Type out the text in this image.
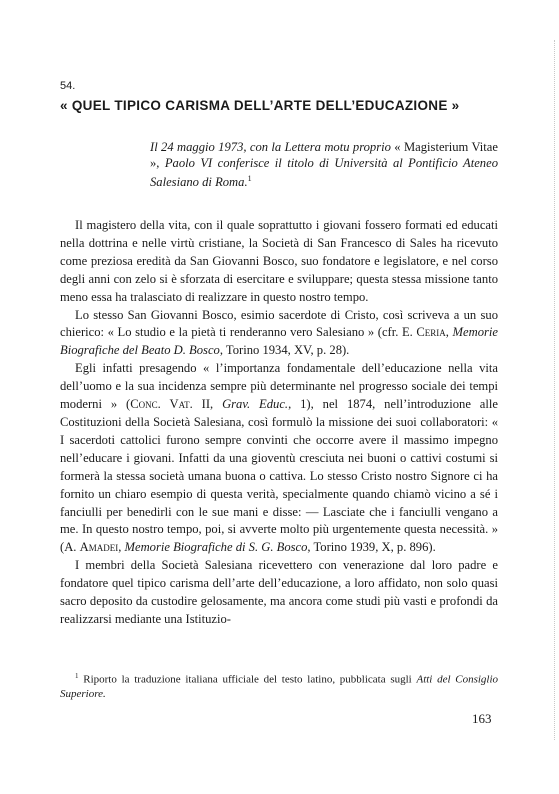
54.
« QUEL TIPICO CARISMA DELL’ARTE DELL’EDUCAZIONE »
Il 24 maggio 1973, con la Lettera motu proprio « Magisterium Vitae », Paolo VI conferisce il titolo di Università al Pontificio Ateneo Salesiano di Roma.$^1$

Il magistero della vita, con il quale soprattutto i giovani fossero formati ed educati nella dottrina e nelle virtù cristiane, la Società di San Francesco di Sales ha ricevuto come preziosa eredità da San Giovanni Bosco, suo fondatore e legislatore, e nel corso degli anni con zelo si è sforzata di esercitare e sviluppare; questa stessa missione tanto meno essa ha tralasciato di realizzare in questo nostro tempo.

Lo stesso San Giovanni Bosco, esimio sacerdote di Cristo, così scriveva a un suo chierico: « Lo studio e la pietà ti renderanno vero Salesiano » (cfr. E. Ceria, Memorie Biografiche del Beato D. Bosco, Torino 1934, XV, p. 28).

Egli infatti presagendo « l’importanza fondamentale dell’educazione nella vita dell’uomo e la sua incidenza sempre più determinante nel progresso sociale dei tempi moderni » (Conc. Vat. II, Grav. Educ., 1), nel 1874, nell’introduzione alle Costituzioni della Società Salesiana, così formulò la missione dei suoi collaboratori: « I sacerdoti cattolici furono sempre convinti che occorre avere il massimo impegno nell’educare i giovani. Infatti da una gioventù cresciuta nei buoni o cattivi costumi si formerà la stessa società umana buona o cattiva. Lo stesso Cristo nostro Signore ci ha fornito un chiaro esempio di questa verità, specialmente quando chiamò vicino a sé i fanciulli per benedirli con le sue mani e disse: — Lasciate che i fanciulli vengano a me. In questo nostro tempo, poi, si avverte molto più urgentemente questa necessità. » (A. Amadei, Memorie Biografiche di S. G. Bosco, Torino 1939, X, p. 896).

I membri della Società Salesiana ricevettero con venerazione dal loro padre e fondatore quel tipico carisma dell’arte dell’educazione, a loro affidato, non solo quasi sacro deposito da custodire gelosamente, ma ancora come studi più vasti e profondi da realizzarsi mediante una Istituzio-

$^1$ Riporto la traduzione italiana ufficiale del testo latino, pubblicata sugli Atti del Consiglio Superiore.
163
